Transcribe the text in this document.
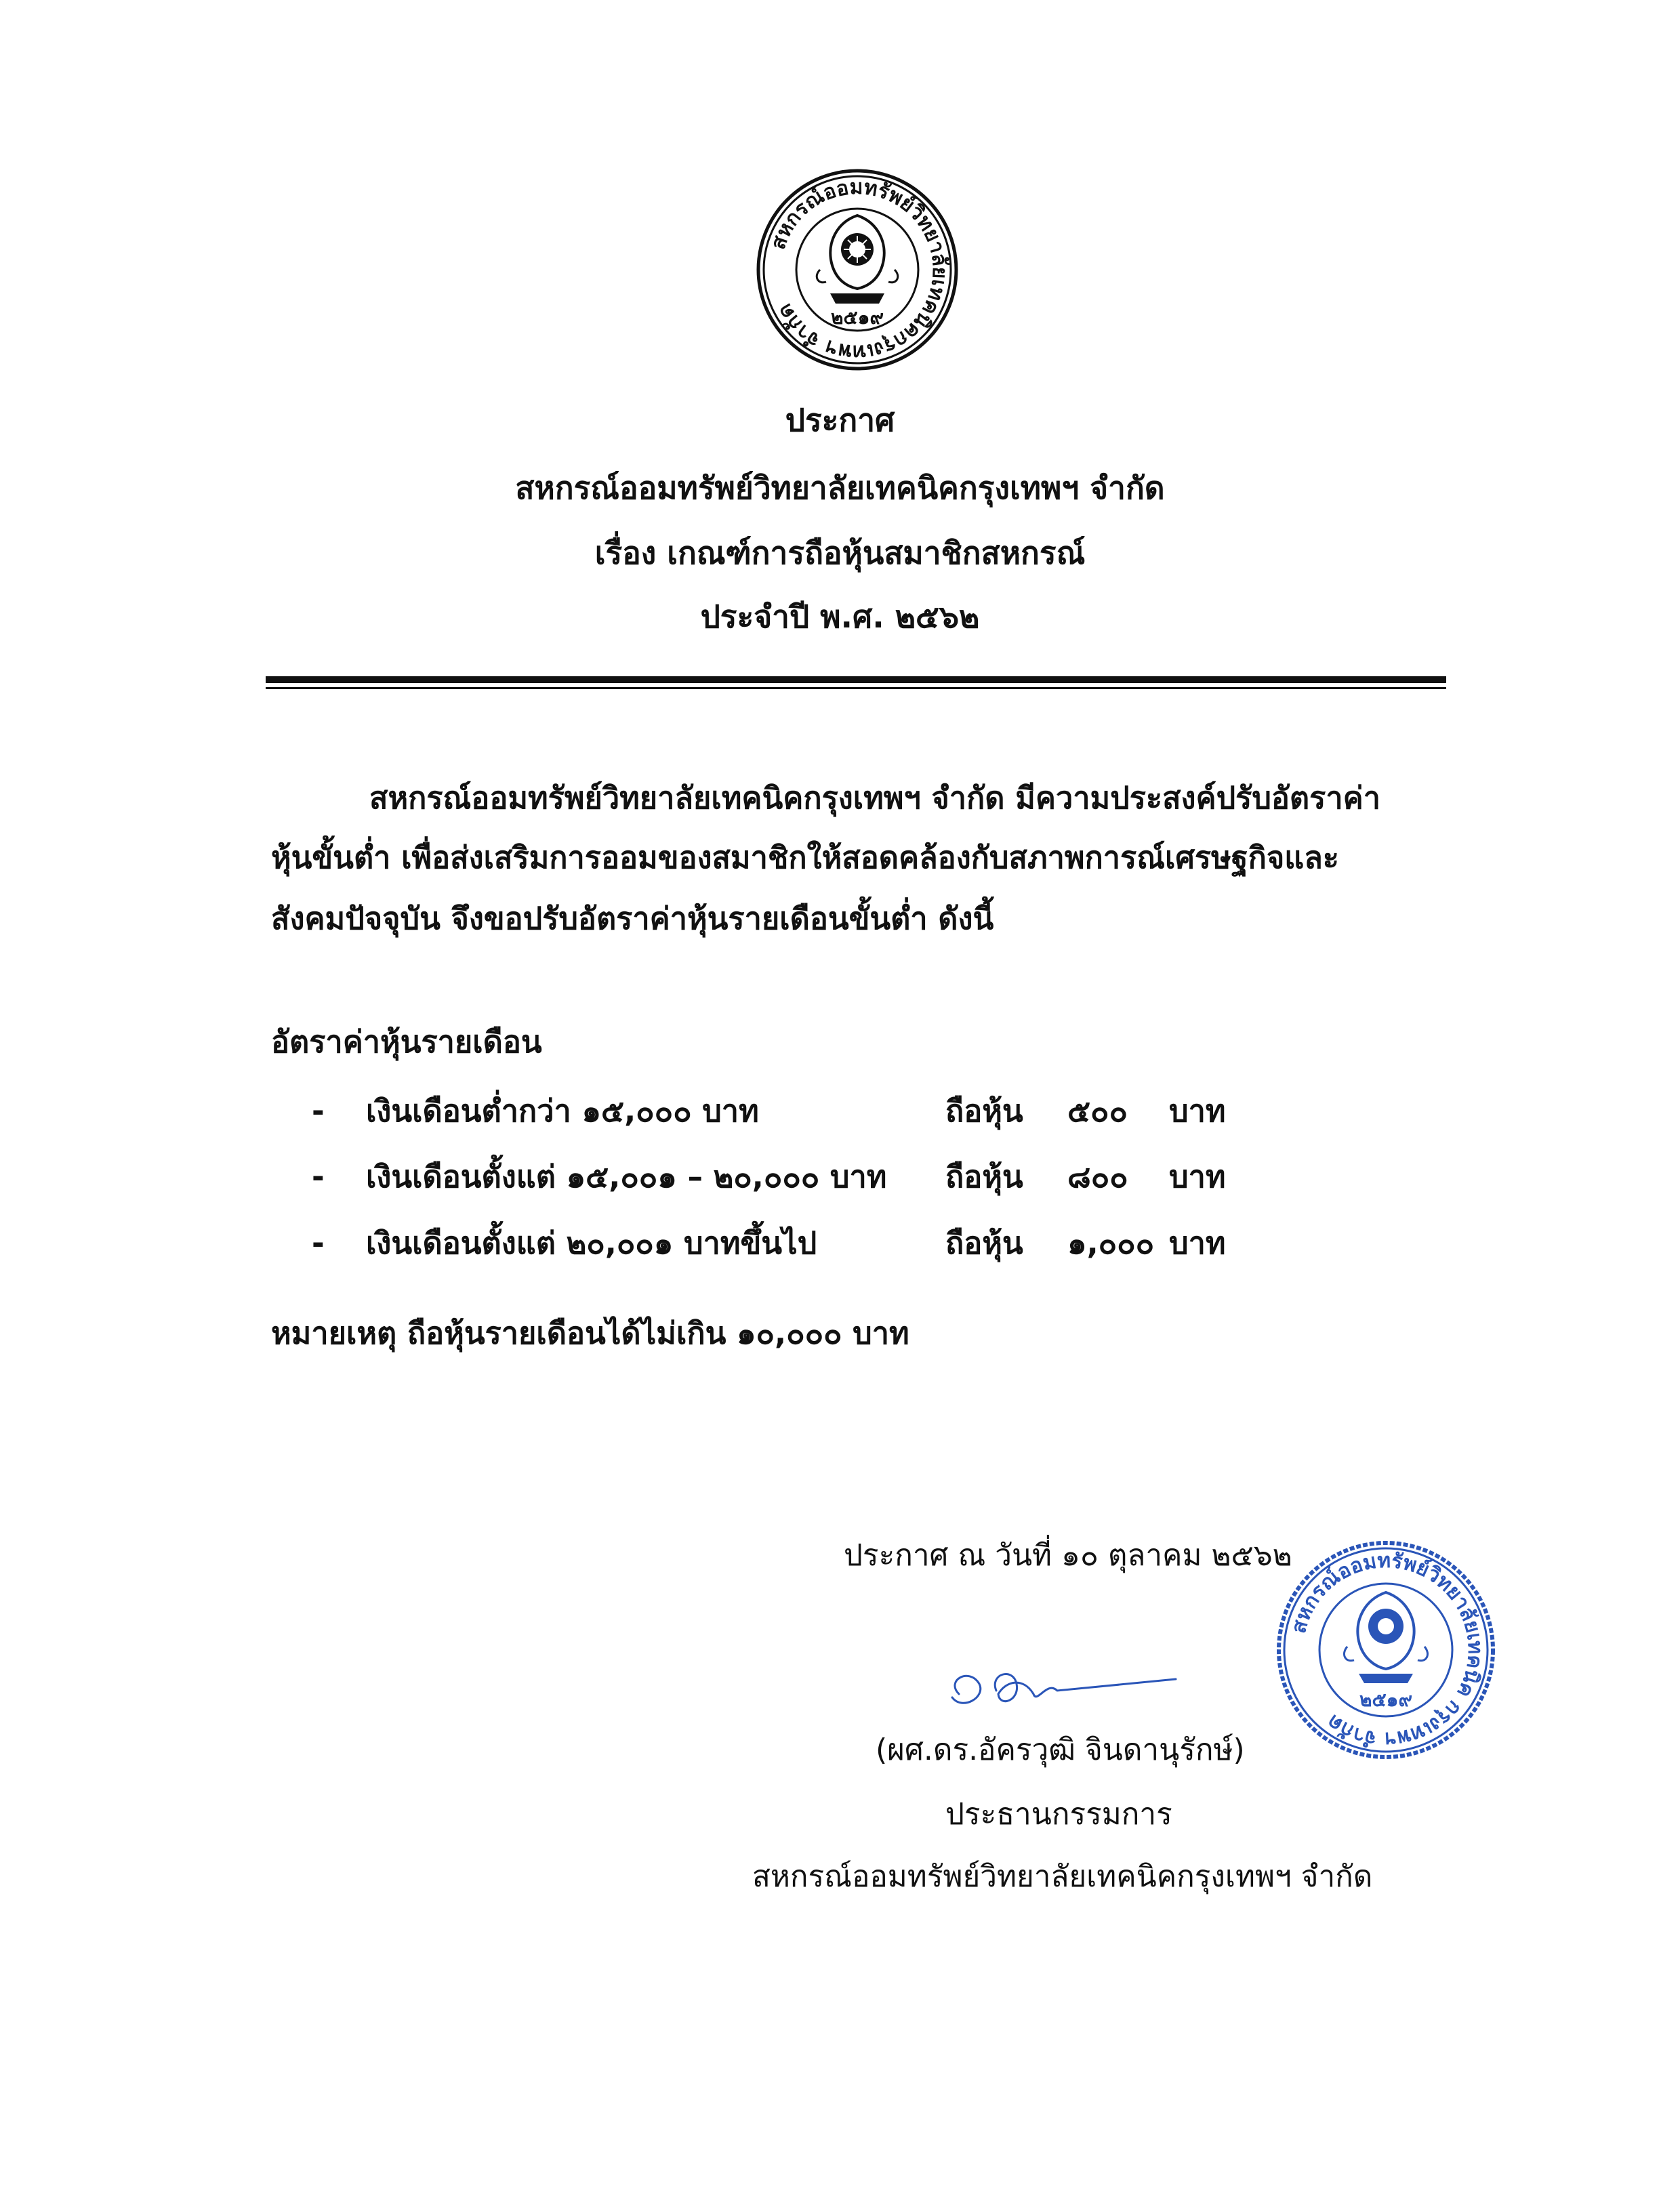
สหกรณ์ออมทรัพย์วิทยาลัยเทคนิคกรุงเทพฯ จำกัด	๒๕๑๙
ประกาศ
สหกรณ์ออมทรัพย์วิทยาลัยเทคนิคกรุงเทพฯ จำกัด
เรื่อง เกณฑ์การถือหุ้นสมาชิกสหกรณ์
ประจำปี พ.ศ. ๒๕๖๒
สหกรณ์ออมทรัพย์วิทยาลัยเทคนิคกรุงเทพฯ จำกัด มีความประสงค์ปรับอัตราค่า
หุ้นขั้นต่ำ เพื่อส่งเสริมการออมของสมาชิกให้สอดคล้องกับสภาพการณ์เศรษฐกิจและ
สังคมปัจจุบัน จึงขอปรับอัตราค่าหุ้นรายเดือนขั้นต่ำ ดังนี้
อัตราค่าหุ้นรายเดือน
- เงินเดือนต่ำกว่า ๑๕,๐๐๐ บาท	ถือหุ้น ๕๐๐	บาท
- เงินเดือนตั้งแต่ ๑๕,๐๐๑ – ๒๐,๐๐๐ บาท ถือหุ้น ๘๐๐	บาท
- เงินเดือนตั้งแต่ ๒๐,๐๐๑ บาทขึ้นไป	ถือหุ้น ๑,๐๐๐ บาท
หมายเหตุ ถือหุ้นรายเดือนได้ไม่เกิน ๑๐,๐๐๐ บาท
ประกาศ ณ วันที่ ๑๐ ตุลาคม ๒๕๖๒
(ผศ.ดร.อัครวุฒิ จินดานุรักษ์)
ประธานกรรมการ
สหกรณ์ออมทรัพย์วิทยาลัยเทคนิคกรุงเทพฯ จำกัด
สหกรณ์ออมทรัพย์วิทยาลัยเทคนิค กรุงเทพฯ จำกัด
๒๕๑๙
